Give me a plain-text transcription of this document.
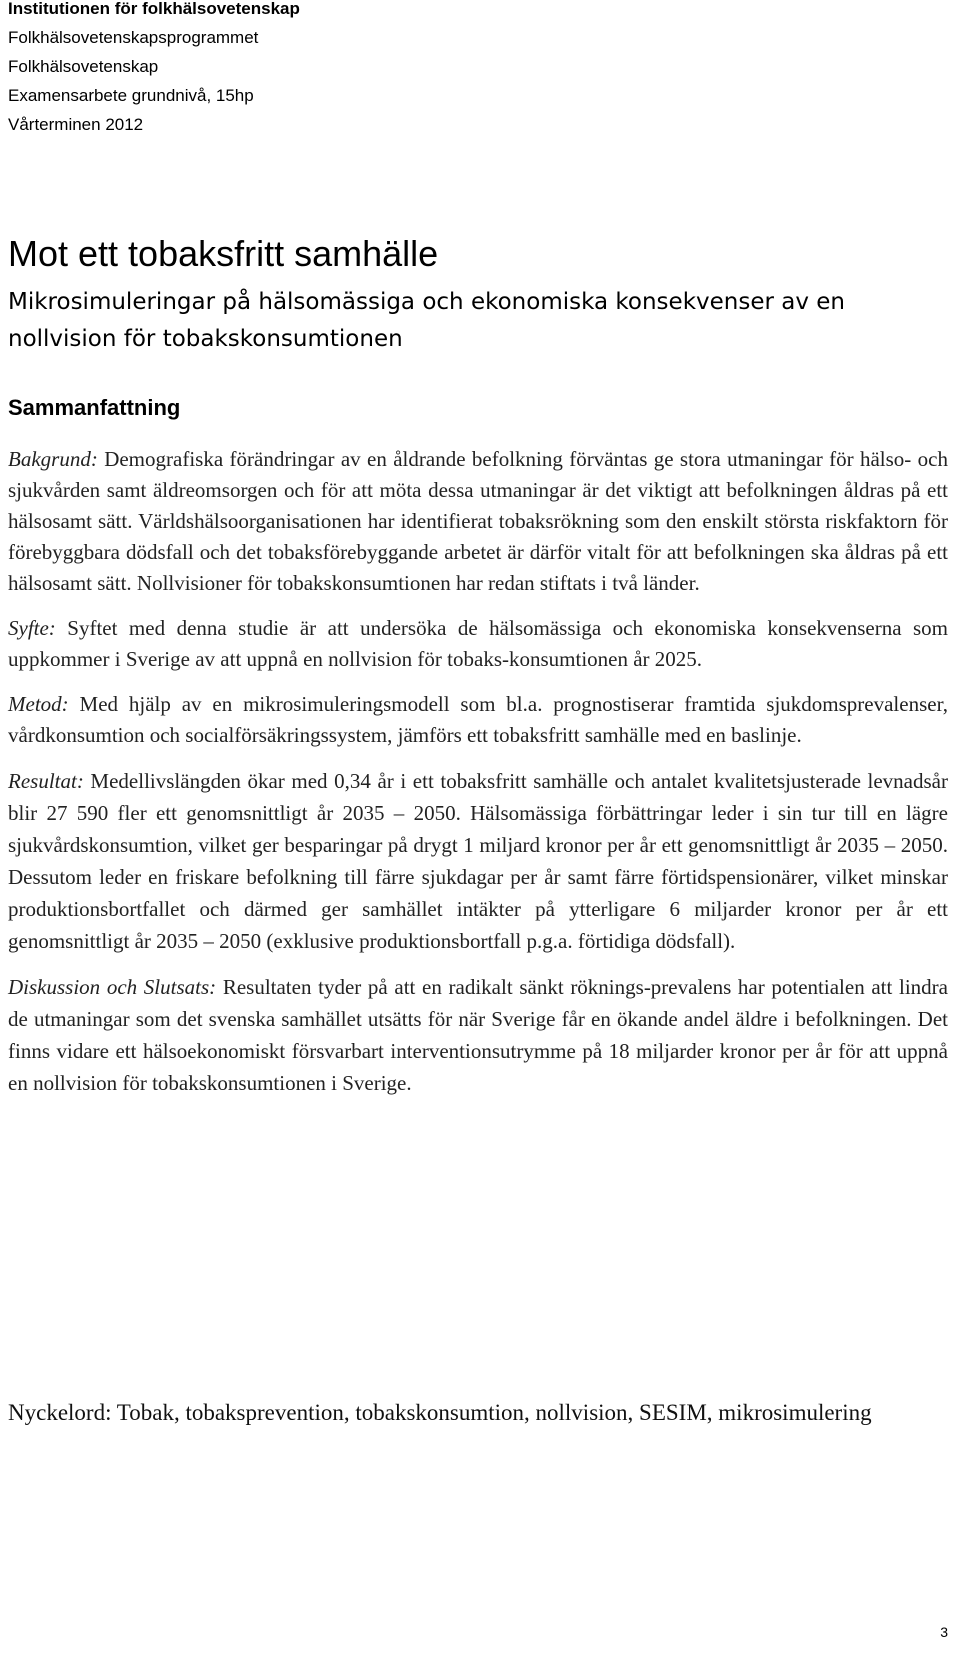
Institutionen för folkhälsovetenskap

Folkhälsovetenskapsprogrammet

Folkhälsovetenskap

Examensarbete grundnivå, 15hp

Vårterminen 2012

Mot ett tobaksfritt samhälle
Mikrosimuleringar på hälsomässiga och ekonomiska konsekvenser av en nollvision för tobakskonsumtionen
Sammanfattning

Bakgrund: Demografiska förändringar av en åldrande befolkning förväntas ge stora utmaningar för hälso- och sjukvården samt äldreomsorgen och för att möta dessa utmaningar är det viktigt att befolkningen åldras på ett hälsosamt sätt. Världshälsoorganisationen har identifierat tobaksrökning som den enskilt största riskfaktorn för förebyggbara dödsfall och det tobaksförebyggande arbetet är därför vitalt för att befolkningen ska åldras på ett hälsosamt sätt. Nollvisioner för tobakskonsumtionen har redan stiftats i två länder.

Syfte: Syftet med denna studie är att undersöka de hälsomässiga och ekonomiska konsekvenserna som uppkommer i Sverige av att uppnå en nollvision för tobaks-konsumtionen år 2025.

Metod: Med hjälp av en mikrosimuleringsmodell som bl.a. prognostiserar framtida sjukdomsprevalenser, vårdkonsumtion och socialförsäkringssystem, jämförs ett tobaksfritt samhälle med en baslinje.

Resultat: Medellivslängden ökar med 0,34 år i ett tobaksfritt samhälle och antalet kvalitetsjusterade levnadsår blir 27 590 fler ett genomsnittligt år 2035 – 2050. Hälsomässiga förbättringar leder i sin tur till en lägre sjukvårdskonsumtion, vilket ger besparingar på drygt 1 miljard kronor per år ett genomsnittligt år 2035 – 2050. Dessutom leder en friskare befolkning till färre sjukdagar per år samt färre förtidspensionärer, vilket minskar produktionsbortfallet och därmed ger samhället intäkter på ytterligare 6 miljarder kronor per år ett genomsnittligt år 2035 – 2050 (exklusive produktionsbortfall p.g.a. förtidiga dödsfall).

Diskussion och Slutsats: Resultaten tyder på att en radikalt sänkt röknings-prevalens har potentialen att lindra de utmaningar som det svenska samhället utsätts för när Sverige får en ökande andel äldre i befolkningen. Det finns vidare ett hälsoekonomiskt försvarbart interventionsutrymme på 18 miljarder kronor per år för att uppnå en nollvision för tobakskonsumtionen i Sverige.

Nyckelord: Tobak, tobaksprevention, tobakskonsumtion, nollvision, SESIM, mikrosimulering

3
